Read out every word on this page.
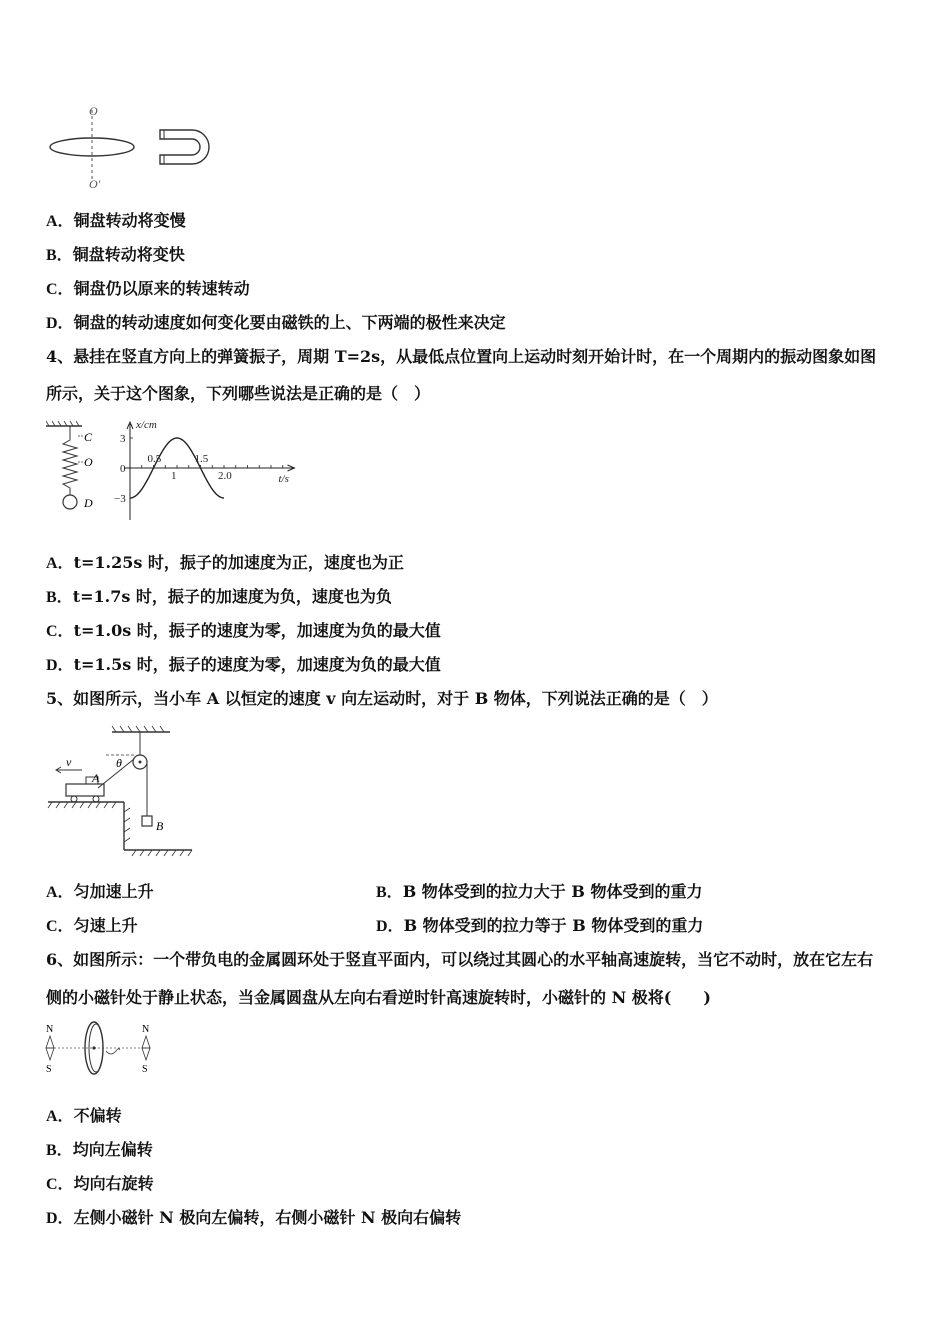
O
O′
A．铜盘转动将变慢
B．铜盘转动将变快
C．铜盘仍以原来的转速转动
D．铜盘的转动速度如何变化要由磁铁的上、下两端的极性来决定
4、悬挂在竖直方向上的弹簧振子，周期 T=2s，从最低点位置向上运动时刻开始计时，在一个周期内的振动图象如图
所示，关于这个图象，下列哪些说法是正确的是（　）
C
O
D
0.5
1
1.5
2.0
3
0
−3
x/cm
t/s
A．t=1.25s 时，振子的加速度为正，速度也为正
B．t=1.7s 时，振子的加速度为负，速度也为负
C．t=1.0s 时，振子的速度为零，加速度为负的最大值
D．t=1.5s 时，振子的速度为零，加速度为负的最大值
5、如图所示，当小车 A 以恒定的速度 v 向左运动时，对于 B 物体，下列说法正确的是（　）
θ
B
A
v
A．匀加速上升	B．B 物体受到的拉力大于 B 物体受到的重力
C．匀速上升	D．B 物体受到的拉力等于 B 物体受到的重力
6、如图所示：一个带负电的金属圆环处于竖直平面内，可以绕过其圆心的水平轴高速旋转，当它不动时，放在它左右
侧的小磁针处于静止状态，当金属圆盘从左向右看逆时针高速旋转时，小磁针的 N 极将(　　)
N
S
N
S
A．不偏转
B．均向左偏转
C．均向右旋转
D．左侧小磁针 N 极向左偏转，右侧小磁针 N 极向右偏转
